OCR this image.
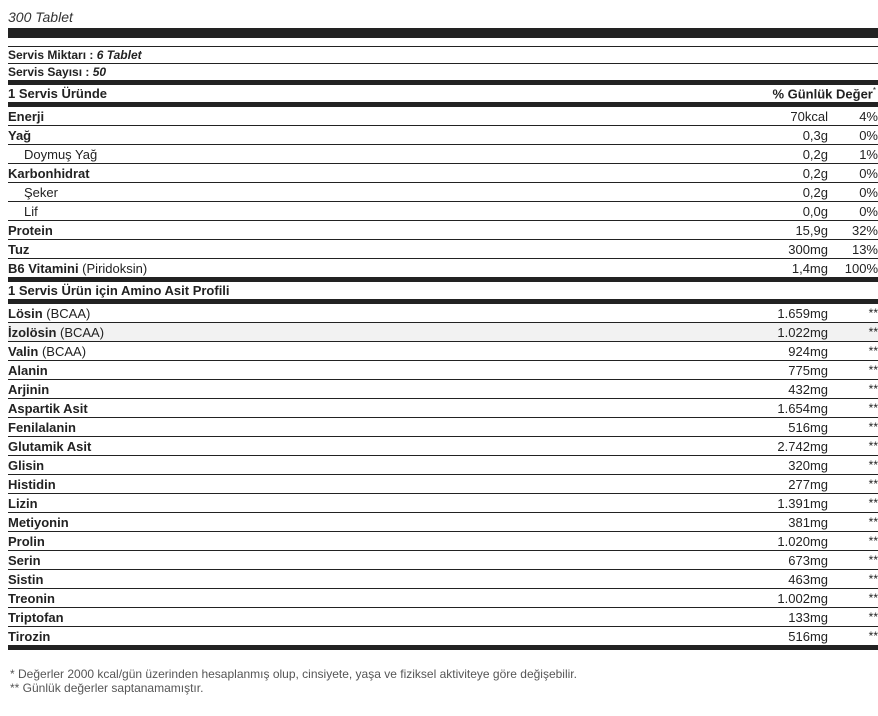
300 Tablet
Servis Miktarı : 6 Tablet
Servis Sayısı : 50
1 Servis Üründe	% Günlük Değer*
Enerji	70kcal	4%
Yağ	0,3g	0%
Doymuş Yağ	0,2g	1%
Karbonhidrat	0,2g	0%
Şeker	0,2g	0%
Lif	0,0g	0%
Protein	15,9g	32%
Tuz	300mg	13%
B6 Vitamini (Piridoksin)	1,4mg	100%
1 Servis Ürün için Amino Asit Profili
Lösin (BCAA)	1.659mg	**
İzolösin (BCAA)	1.022mg	**
Valin (BCAA)	924mg	**
Alanin	775mg	**
Arjinin	432mg	**
Aspartik Asit	1.654mg	**
Fenilalanin	516mg	**
Glutamik Asit	2.742mg	**
Glisin	320mg	**
Histidin	277mg	**
Lizin	1.391mg	**
Metiyonin	381mg	**
Prolin	1.020mg	**
Serin	673mg	**
Sistin	463mg	**
Treonin	1.002mg	**
Triptofan	133mg	**
Tirozin	516mg	**
* Değerler 2000 kcal/gün üzerinden hesaplanmış olup, cinsiyete, yaşa ve fiziksel aktiviteye göre değişebilir.
** Günlük değerler saptanamamıştır.
